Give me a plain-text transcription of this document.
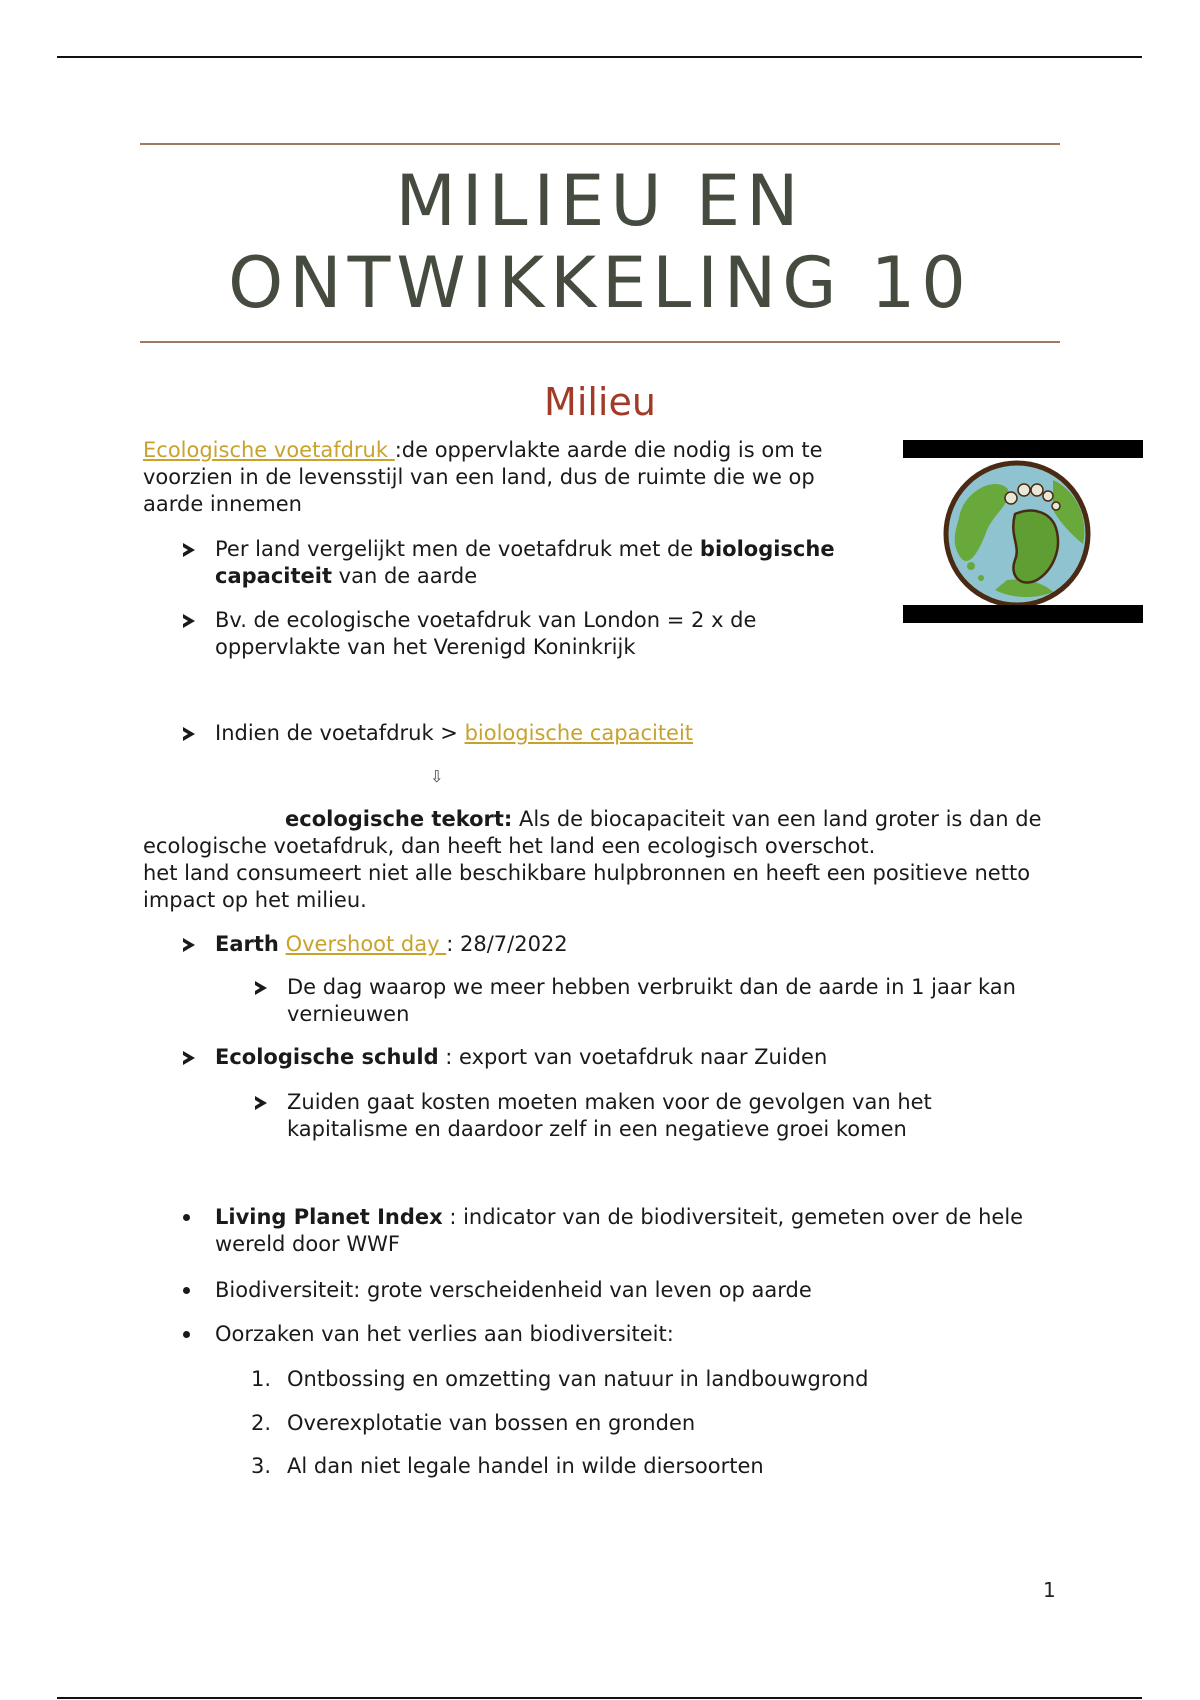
MILIEU EN
ONTWIKKELING 10
Milieu

Ecologische voetafdruk :de oppervlakte aarde die nodig is om te

voorzien in de levensstijl van een land, dus de ruimte die we op

aarde innemen

Per land vergelijkt men de voetafdruk met de biologische

capaciteit van de aarde

Bv. de ecologische voetafdruk van London = 2 x de

oppervlakte van het Verenigd Koninkrijk

Indien de voetafdruk > biologische capaciteit

⇩

ecologische tekort: Als de biocapaciteit van een land groter is dan de

ecologische voetafdruk, dan heeft het land een ecologisch overschot.

het land consumeert niet alle beschikbare hulpbronnen en heeft een positieve netto

impact op het milieu.

Earth Overshoot day : 28/7/2022

De dag waarop we meer hebben verbruikt dan de aarde in 1 jaar kan

vernieuwen

Ecologische schuld : export van voetafdruk naar Zuiden

Zuiden gaat kosten moeten maken voor de gevolgen van het

kapitalisme en daardoor zelf in een negatieve groei komen

Living Planet Index : indicator van de biodiversiteit, gemeten over de hele

wereld door WWF

Biodiversiteit: grote verscheidenheid van leven op aarde

Oorzaken van het verlies aan biodiversiteit:

1. Ontbossing en omzetting van natuur in landbouwgrond

2. Overexplotatie van bossen en gronden

3. Al dan niet legale handel in wilde diersoorten

1
